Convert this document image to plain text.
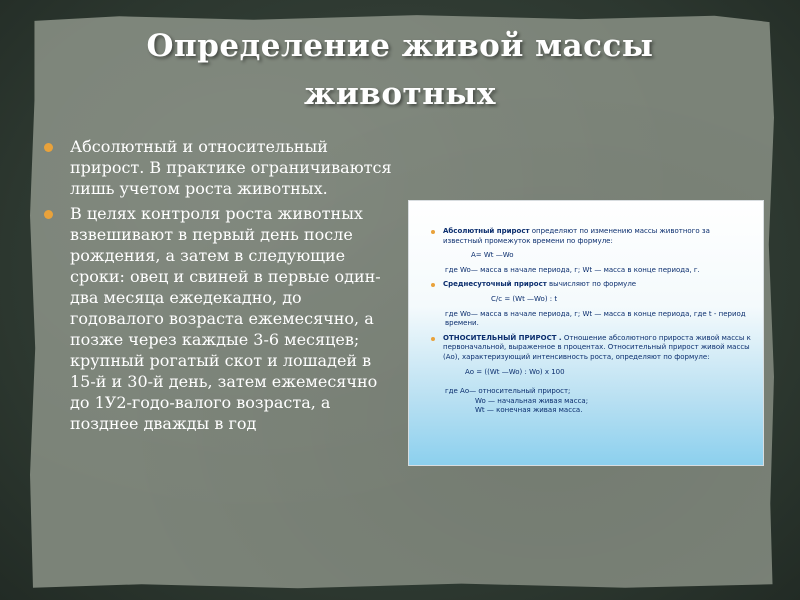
Определение живой массы животных
Абсолютный и относительный прирост. В практике ограничиваются лишь учетом роста животных.
В целях контроля роста животных взвешивают в первый день после рождения, а затем в следующие сроки: овец и свиней в первые один-два месяца ежедекадно, до годовалого возраста ежемесячно, а позже через каждые 3-6 месяцев; крупный рогатый скот и лошадей в 15-й и 30-й день, затем ежемесячно до 1У2-годо-валого возраста, а позднее дважды в год

Абсолютный прирост определяют по изменению массы животного за известный промежуток времени по формуле:

А= Wt —Wo

где Wo— масса в начале периода, г; Wt — масса в конце периода, г.

Среднесуточный прирост вычисляют по формуле

С/с = (Wt —Wo) : t

где Wo— масса в начале периода, г; Wt — масса в конце периода, где t - период времени.

ОТНОСИТЕЛЬНЫЙ ПРИРОСТ . Отношение абсолютного прироста живой массы к первоначальной, выраженное в процентах. Относительный прирост живой массы (Ао), характеризующий интенсивность роста, определяют по формуле:

Ао = ((Wt —Wo) : Wo) х 100

где Ао— относительный прирост;

Wo — начальная живая масса;

Wt — конечная живая масса.
